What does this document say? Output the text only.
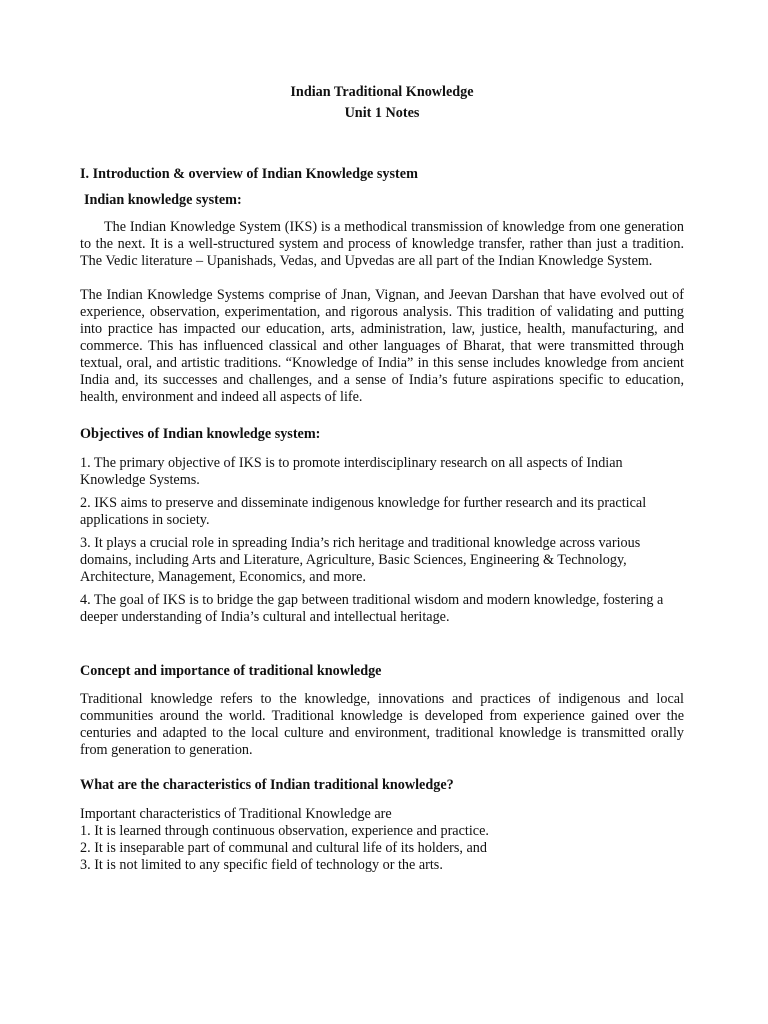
Indian Traditional Knowledge
Unit 1 Notes
I. Introduction & overview of Indian Knowledge system
Indian knowledge system:

The Indian Knowledge System (IKS) is a methodical transmission of knowledge from one generation to the next. It is a well-structured system and process of knowledge transfer, rather than just a tradition. The Vedic literature – Upanishads, Vedas, and Upvedas are all part of the Indian Knowledge System.

The Indian Knowledge Systems comprise of Jnan, Vignan, and Jeevan Darshan that have evolved out of experience, observation, experimentation, and rigorous analysis. This tradition of validating and putting into practice has impacted our education, arts, administration, law, justice, health, manufacturing, and commerce. This has influenced classical and other languages of Bharat, that were transmitted through textual, oral, and artistic traditions. “Knowledge of India” in this sense includes knowledge from ancient India and, its successes and challenges, and a sense of India’s future aspirations specific to education, health, environment and indeed all aspects of life.

Objectives of Indian knowledge system:

1. The primary objective of IKS is to promote interdisciplinary research on all aspects of Indian Knowledge Systems.

2. IKS aims to preserve and disseminate indigenous knowledge for further research and its practical applications in society.

3. It plays a crucial role in spreading India’s rich heritage and traditional knowledge across various domains, including Arts and Literature, Agriculture, Basic Sciences, Engineering & Technology, Architecture, Management, Economics, and more.

4. The goal of IKS is to bridge the gap between traditional wisdom and modern knowledge, fostering a deeper understanding of India’s cultural and intellectual heritage.

Concept and importance of traditional knowledge

Traditional knowledge refers to the knowledge, innovations and practices of indigenous and local communities around the world. Traditional knowledge is developed from experience gained over the centuries and adapted to the local culture and environment, traditional knowledge is transmitted orally from generation to generation.

What are the characteristics of Indian traditional knowledge?

Important characteristics of Traditional Knowledge are

1. It is learned through continuous observation, experience and practice.

2. It is inseparable part of communal and cultural life of its holders, and

3. It is not limited to any specific field of technology or the arts.
